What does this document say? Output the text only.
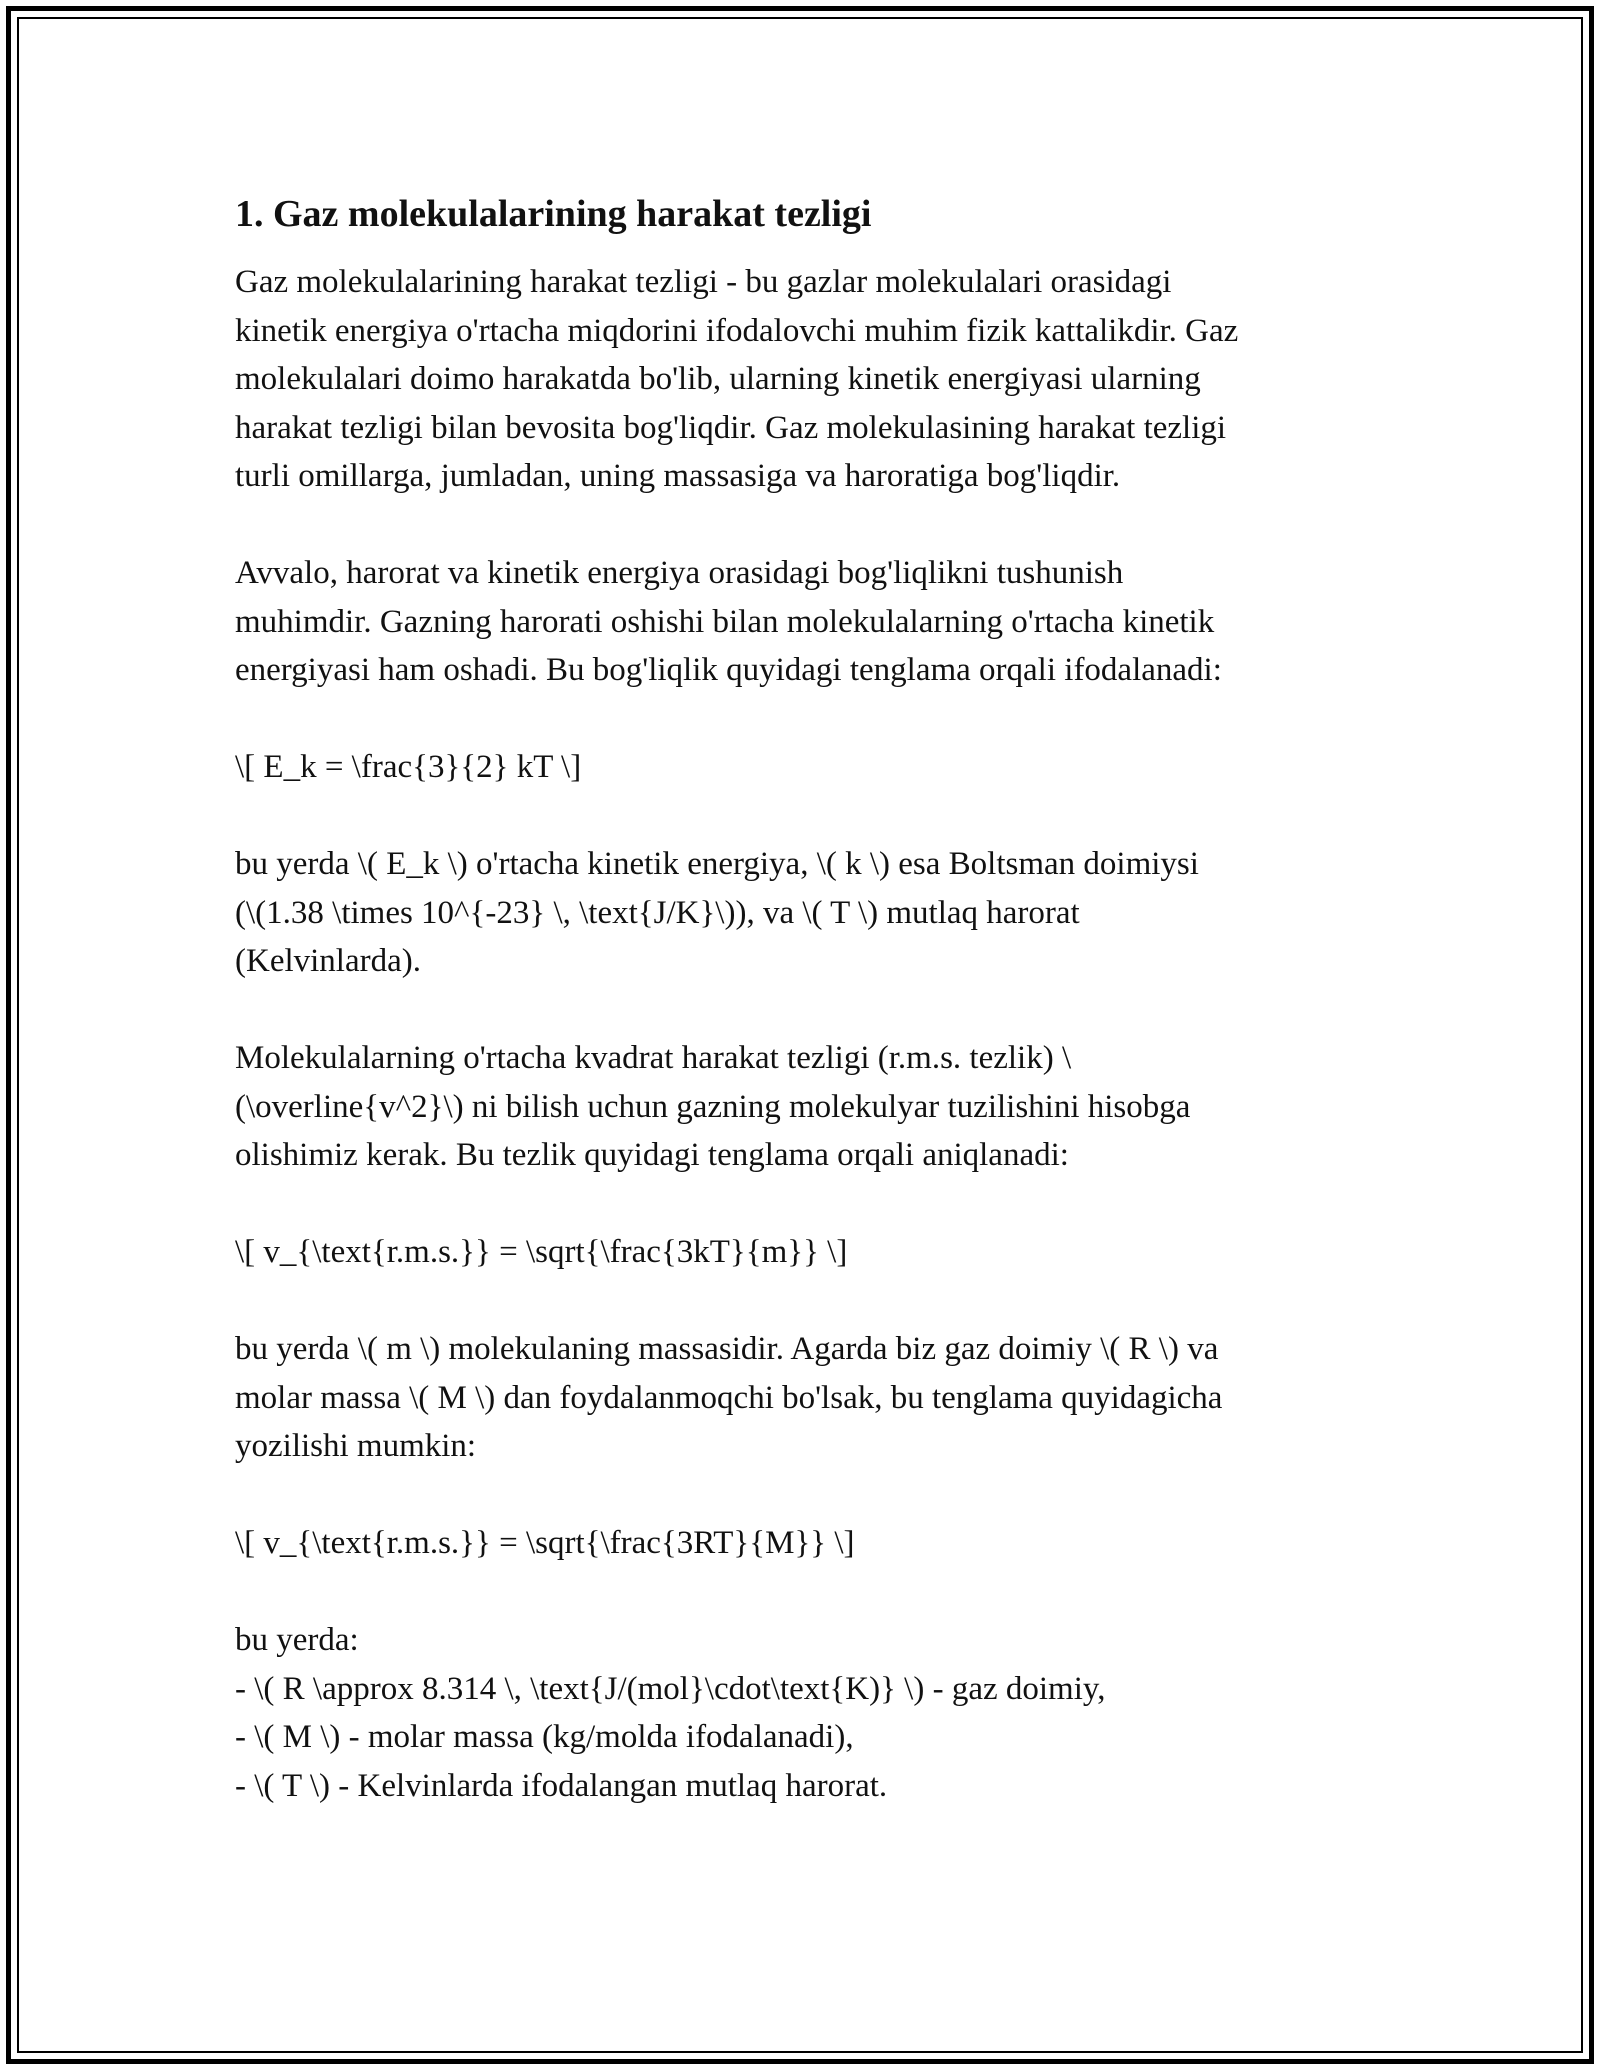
1. Gaz molekulalarining harakat tezligi
Gaz molekulalarining harakat tezligi - bu gazlar molekulalari orasidagi
kinetik energiya o'rtacha miqdorini ifodalovchi muhim fizik kattalikdir. Gaz
molekulalari doimo harakatda bo'lib, ularning kinetik energiyasi ularning
harakat tezligi bilan bevosita bog'liqdir. Gaz molekulasining harakat tezligi
turli omillarga, jumladan, uning massasiga va haroratiga bog'liqdir.
Avvalo, harorat va kinetik energiya orasidagi bog'liqlikni tushunish
muhimdir. Gazning harorati oshishi bilan molekulalarning o'rtacha kinetik
energiyasi ham oshadi. Bu bog'liqlik quyidagi tenglama orqali ifodalanadi:
\[ E_k = \frac{3}{2} kT \]
bu yerda \( E_k \) o'rtacha kinetik energiya, \( k \) esa Boltsman doimiysi
(\(1.38 \times 10^{-23} \, \text{J/K}\)), va \( T \) mutlaq harorat
(Kelvinlarda).
Molekulalarning o'rtacha kvadrat harakat tezligi (r.m.s. tezlik) \
(\overline{v^2}\) ni bilish uchun gazning molekulyar tuzilishini hisobga
olishimiz kerak. Bu tezlik quyidagi tenglama orqali aniqlanadi:
\[ v_{\text{r.m.s.}} = \sqrt{\frac{3kT}{m}} \]
bu yerda \( m \) molekulaning massasidir. Agarda biz gaz doimiy \( R \) va
molar massa \( M \) dan foydalanmoqchi bo'lsak, bu tenglama quyidagicha
yozilishi mumkin:
\[ v_{\text{r.m.s.}} = \sqrt{\frac{3RT}{M}} \]
bu yerda:
- \( R \approx 8.314 \, \text{J/(mol}\cdot\text{K)} \) - gaz doimiy,
- \( M \) - molar massa (kg/molda ifodalanadi),
- \( T \) - Kelvinlarda ifodalangan mutlaq harorat.
